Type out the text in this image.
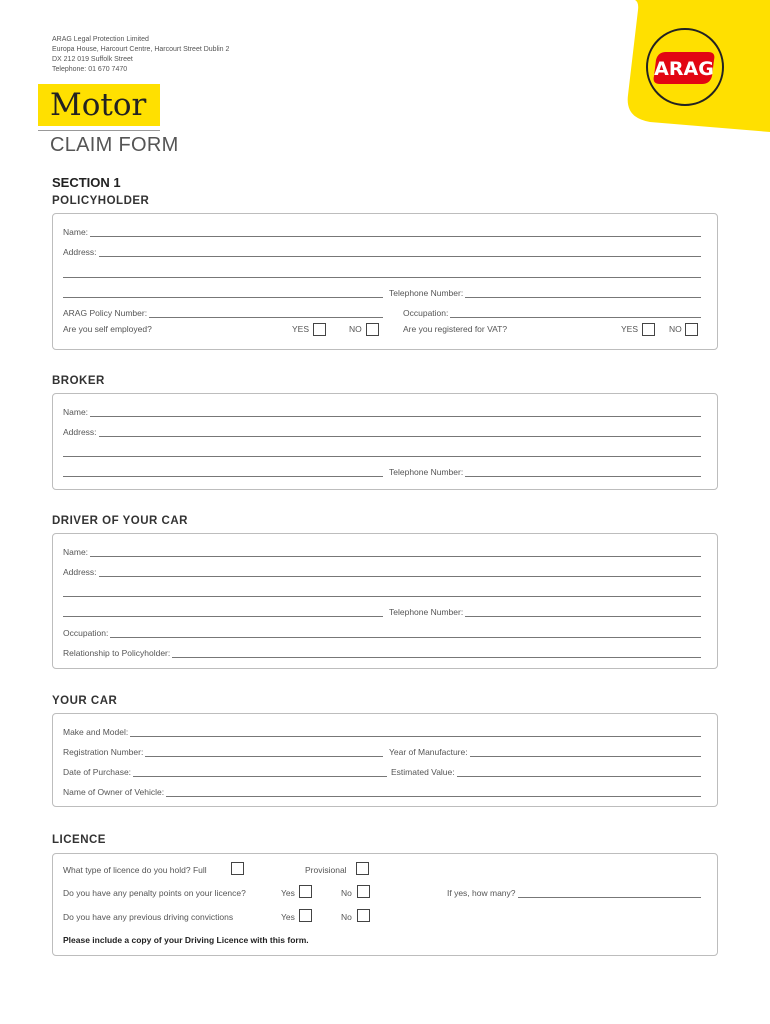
ARAG Legal Protection Limited
Europa House, Harcourt Centre, Harcourt Street Dublin 2
DX 212 019 Suffolk Street
Telephone: 01 670 7470	ARAG
Motor
CLAIM FORM
SECTION 1
POLICYHOLDER
Name:
Address:
Telephone Number:
ARAG Policy Number:	Occupation:
Are you self employed?	YES	NO	Are you registered for VAT?	YES	NO
BROKER
Name:
Address:
Telephone Number:
DRIVER OF YOUR CAR
Name:
Address:
Telephone Number:
Occupation:
Relationship to Policyholder:
YOUR CAR
Make and Model:
Registration Number:	Year of Manufacture:
Date of Purchase:	Estimated Value:
Name of Owner of Vehicle:
LICENCE
What type of licence do you hold? Full	Provisional
Do you have any penalty points on your licence?	Yes	No	If yes, how many?
Do you have any previous driving convictions	Yes	No
Please include a copy of your Driving Licence with this form.
